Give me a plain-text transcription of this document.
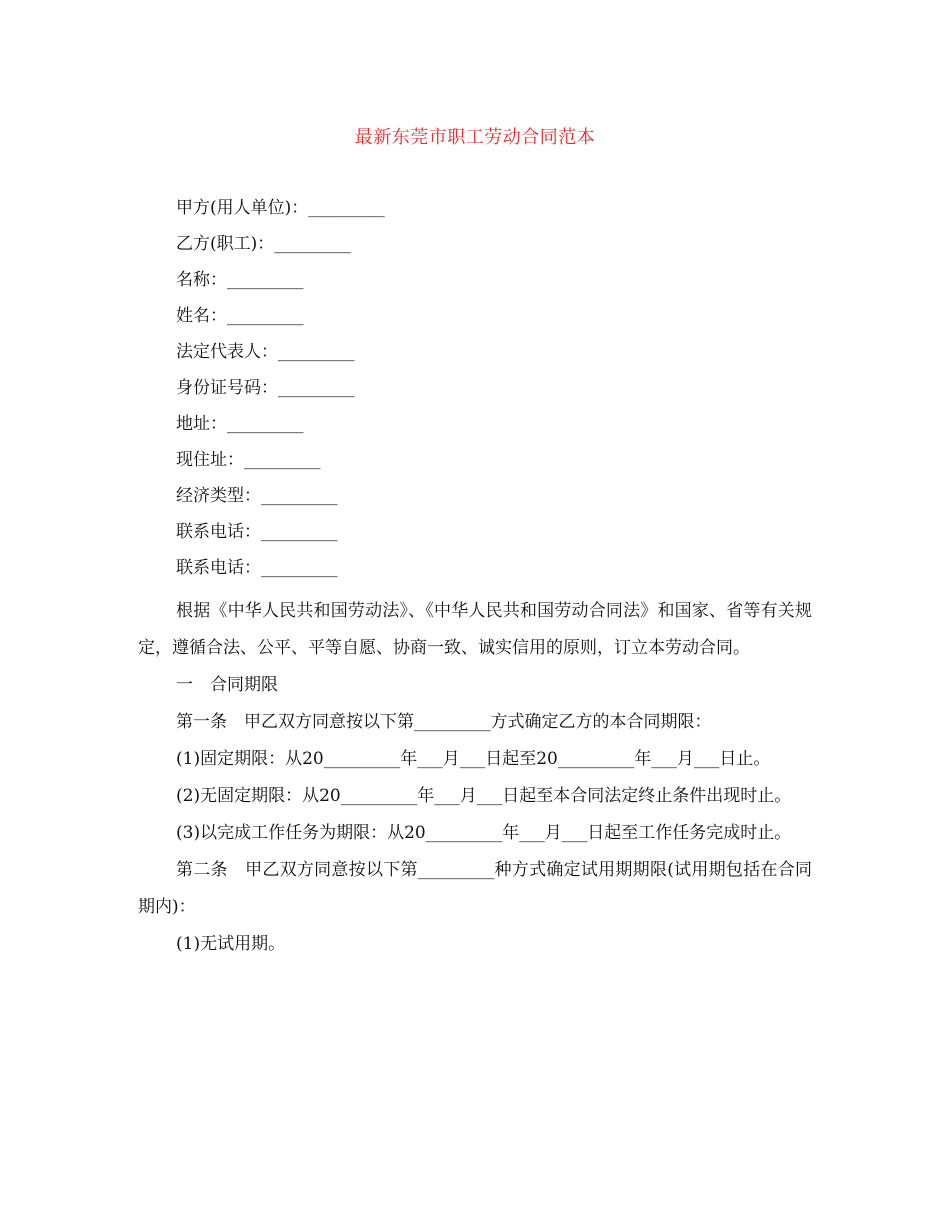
最新东莞市职工劳动合同范本
甲方(用人单位)：_________
乙方(职工)：_________
名称：_________
姓名：_________
法定代表人：_________
身份证号码：_________
地址：_________
现住址：_________
经济类型：_________
联系电话：_________
联系电话：_________

根据《中华人民共和国劳动法》、《中华人民共和国劳动合同法》和国家、省等有关规定，遵循合法、公平、平等自愿、协商一致、诚实信用的原则，订立本劳动合同。

一　合同期限

第一条　甲乙双方同意按以下第_________方式确定乙方的本合同期限：

(1)固定期限：从20_________年___月___日起至20_________年___月___日止。

(2)无固定期限：从20_________年___月___日起至本合同法定终止条件出现时止。

(3)以完成工作任务为期限：从20_________年___月___日起至工作任务完成时止。

第二条　甲乙双方同意按以下第_________种方式确定试用期期限(试用期包括在合同期内)：

(1)无试用期。
